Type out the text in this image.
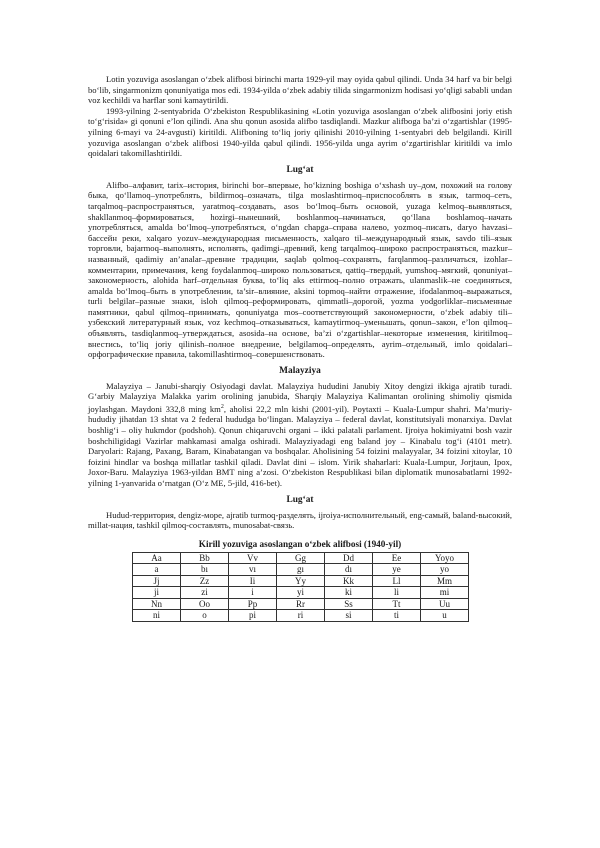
Lotin yozuviga asoslangan o‘zbek alifbosi birinchi marta 1929-yil may oyida qabul qilindi. Unda 34 harf va bir belgi bo‘lib, singarmonizm qonuniyatiga mos edi. 1934-yilda o‘zbek adabiy tilida singarmonizm hodisasi yo‘qligi sababli undan voz kechildi va harflar soni kamaytirildi.

1993-yilning 2-sentyabrida O‘zbekiston Respublikasining «Lotin yozuviga asoslangan o‘zbek alifbosini joriy etish to‘g‘risida» gi qonuni e’lon qilindi. Ana shu qonun asosida alifbo tasdiqlandi. Mazkur alifboga ba’zi o‘zgartishlar (1995-yilning 6-mayi va 24-avgusti) kiritildi. Alifboning to‘liq joriy qilinishi 2010-yilning 1-sentyabri deb belgilandi. Kirill yozuviga asoslangan o‘zbek alifbosi 1940-yilda qabul qilindi. 1956-yilda unga ayrim o‘zgartirishlar kiritildi va imlo qoidalari takomillashtirildi.

Lug‘at

Alifbo–алфавит, tarix–история, birinchi bor–впервые, ho‘kizning boshiga o‘xshash uy–дом, похожий на голову быка, qo‘llamoq–употреблять, bildirmoq–означать, tilga moslashtirmoq–приспособлять в язык, tarmoq–сеть, tarqalmoq–распространяться, yaratmoq–создавать, asos bo‘lmoq–быть основой, yuzaga kelmoq–выявляться, shakllanmoq–формироваться, hozirgi–нынешний, boshlanmoq–начинаться, qo‘llana boshlamoq–начать употребляться, amalda bo‘lmoq–употребляться, o‘ngdan chapga–справа налево, yozmoq–писать, daryo havzasi–бассейн реки, xalqaro yozuv–международная письменность, xalqaro til–международный язык, savdo tili–язык торговли, bajarmoq–выполнять, исполнять, qadimgi–древний, keng tarqalmoq–широко распространяться, mazkur–названный, qadimiy an’analar–древние традиции, saqlab qolmoq–сохранять, farqlanmoq–различаться, izohlar–комментарии, примечания, keng foydalanmoq–широко пользоваться, qattiq–твердый, yumshoq–мягкий, qonuniyat–закономерность, alohida harf–отдельная буква, to‘liq aks ettirmoq–полно отражать, ulanmaslik–не соединяться, amalda bo‘lmoq–быть в употреблении, ta’sir–влияние, aksini topmoq–найти отражение, ifodalanmoq–выражаться, turli belgilar–разные знаки, isloh qilmoq–реформировать, qimmatli–дорогой, yozma yodgorliklar–письменные памятники, qabul qilmoq–принимать, qonuniyatga mos–соответствующий закономерности, o‘zbek adabiy tili–узбекский литературный язык, voz kechmoq–отказываться, kamaytirmoq–уменьшать, qonun–закон, e’lon qilmoq–объявлять, tasdiqlanmoq–утверждаться, asosida–на основе, ba’zi o‘zgartishlar–некоторые изменения, kiritilmoq–внестись, to‘liq joriy qilinish–полное внедрение, belgilamoq–определять, ayrim–отдельный, imlo qoidalari–орфографические правила, takomillashtirmoq–совершенствовать.

Malayziya

Malayziya – Janubi-sharqiy Osiyodagi davlat. Malayziya hududini Janubiy Xitoy dengizi ikkiga ajratib turadi. G‘arbiy Malayziya Malakka yarim orolining janubida, Sharqiy Malayziya Kalimantan orolining shimoliy qismida joylashgan. Maydoni 332,8 ming $km^2$, aholisi 22,2 mln kishi (2001-yil). Poytaxti – Kuala-Lumpur shahri. Ma’muriy-hududiy jihatdan 13 shtat va 2 federal hududga bo‘lingan. Malayziya – federal davlat, konstitutsiyali monarxiya. Davlat boshlig‘i – oliy hukmdor (podshoh). Qonun chiqaruvchi organi – ikki palatali parlament. Ijroiya hokimiyatni bosh vazir boshchiligidagi Vazirlar mahkamasi amalga oshiradi. Malayziyadagi eng baland joy – Kinabalu tog‘i (4101 metr). Daryolari: Rajang, Paxang, Baram, Kinabatangan va boshqalar. Aholisining 54 foizini malayyalar, 34 foizini xitoylar, 10 foizini hindlar va boshqa millatlar tashkil qiladi. Davlat dini – islom. Yirik shaharlari: Kuala-Lumpur, Jorjtaun, Ipox, Joxor-Baru. Malayziya 1963-yildan BMT ning a’zosi. O‘zbekiston Respublikasi bilan diplomatik munosabatlarni 1992-yilning 1-yanvarida o‘rnatgan (O‘z ME, 5-jild, 416-bet).

Lug‘at

Hudud-территория, dengiz-море, ajratib turmoq-разделять, ijroiya-исполнительный, eng-самый, baland-высокий, millat-нация, tashkil qilmoq-составлять, munosabat-связь.

Kirill yozuviga asoslangan o‘zbek alifbosi (1940-yil)
Aa	Bb	Vv	Gg	Dd	Ee	Yoyo
а	bı	vı	gı	dı	ye	yo
Jj	Zz	Ii	Yy	Kk	Ll	Mm
ji	zi	i	yi	ki	li	mi
Nn	Oo	Pp	Rr	Ss	Tt	Uu
ni	o	pi	ri	si	ti	u
